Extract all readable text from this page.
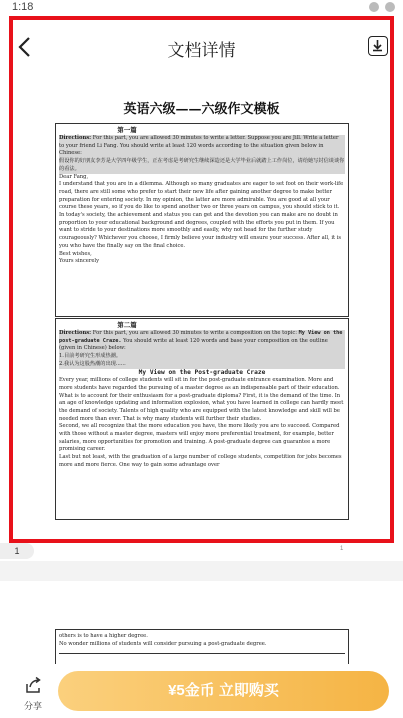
1:18
文档详情
英语六级——六级作文模板
第一篇
Directions: For this part, you are allowed 30 minutes to write a letter. Suppose you are Jill. Write a letter to your friend Li Fang. You should write at least 120 words according to the situation given below in Chinese:
假设你的好朋友李芳是大学四年级学生，正在考虑是考研究生继续深造还是大学毕业后就踏上工作岗位，请给她写封信谈谈你的看法。
Dear Fang,
I understand that you are in a dilemma. Although so many graduates are eager to set foot on their work-life road, there are still some who prefer to start their new life after gaining another degree to make better preparation for entering society. In my opinion, the latter are more admirable. You are good at all your course these years, so if you do like to spend another two or three years on campus, you should stick to it. In today's society, the achievement and status you can get and the devotion you can make are no doubt in proportion to your educational background and degrees, coupled with the efforts you put in them. If you want to stride to your destinations more smoothly and easily, why not head for the further study courageously? Whichever you choose, I firmly believe your industry will ensure your success. After all, it is you who have the finally say on the final choice.
Best wishes,
Yours sincerely
第二篇
Directions: For this part, you are allowed 30 minutes to write a composition on the topic: My View on the post-graduate Craze. You should write at least 120 words and base your composition on the outline (given in Chinese) below:
1.目前考研究生形成热潮。
2.我认为这股热潮的出现......
My View on the Post-graduate Craze
Every year, millions of college students will sit in for the post-graduate entrance examination. More and more students have regarded the pursuing of a master degree as an indispensable part of their education.
What is to account for their enthusiasm for a post-graduate diploma? First, it is the demand of the time. In an age of knowledge updating and information explosion, what you have learned in college can hardly meet the demand of society. Talents of high quality who are equipped with the latest knowledge and skill will be needed more than ever. That is why many students will further their studies.
Second, we all recognize that the more education you have, the more likely you are to succeed. Compared with those without a master degree, masters will enjoy more preferential treatment, for example, better salaries, more opportunities for promotion and training. A post-graduate degree can guarantee a more promising career.
Last but not least, with the graduation of a large number of college students, competition for jobs becomes more and more fierce. One way to gain some advantage over
1	1
others is to have a higher degree.
No wonder millions of students will consider pursuing a post-graduate degree.
分享
¥5金币 立即购买
